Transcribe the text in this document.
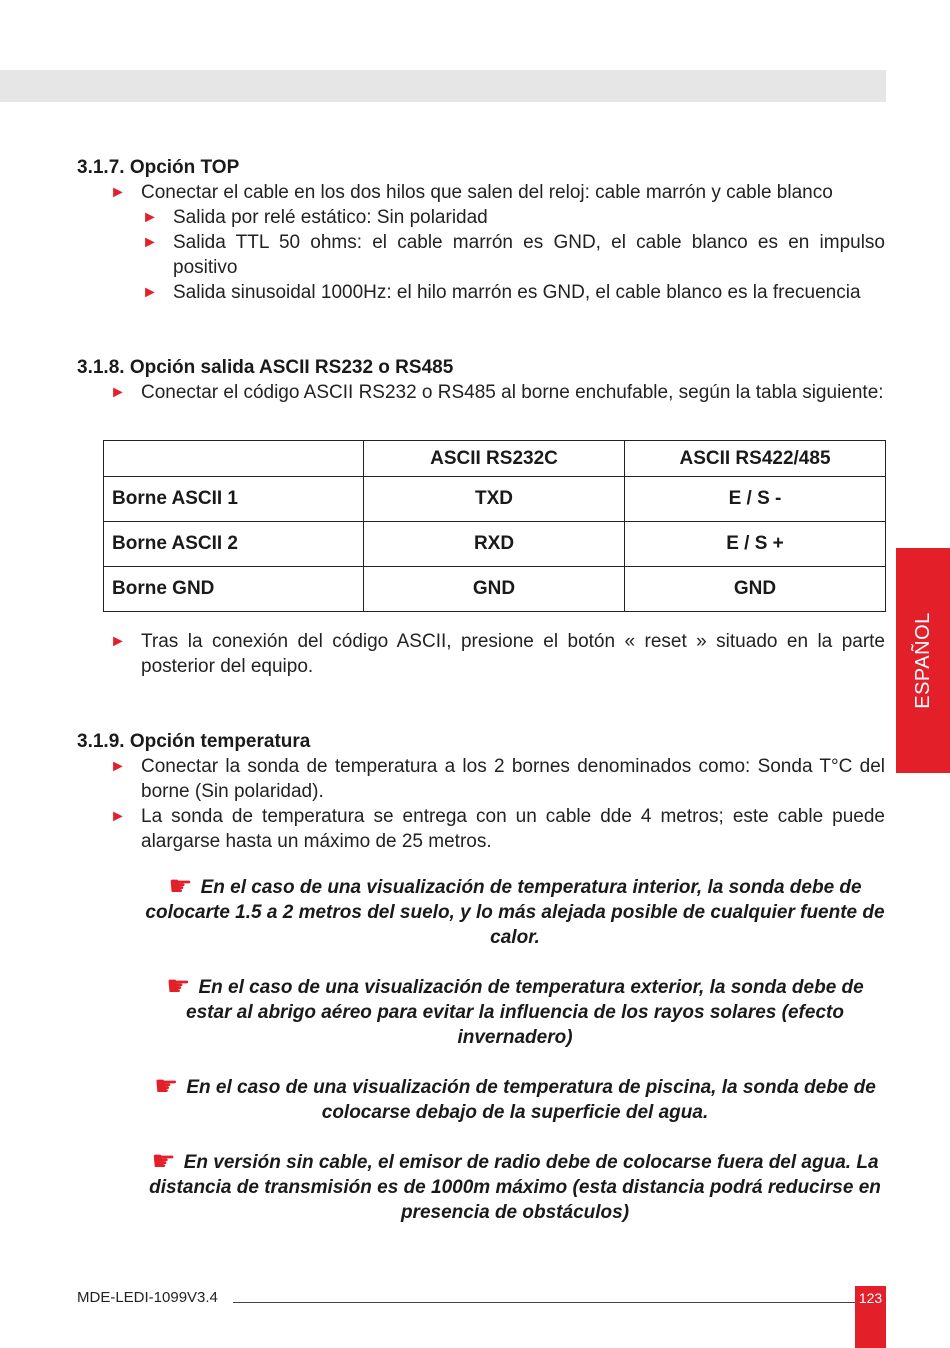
ESPAÑOL
3.1.7. Opción TOP
► Conectar el cable en los dos hilos que salen del reloj: cable marrón y cable blanco
► Salida por relé estático: Sin polaridad
► Salida TTL 50 ohms: el cable marrón es GND, el cable blanco es en impulso positivo
► Salida sinusoidal 1000Hz: el hilo marrón es GND, el cable blanco es la frecuencia
3.1.8. Opción salida ASCII RS232 o RS485
► Conectar el código ASCII RS232 o RS485 al borne enchufable, según la tabla siguiente:
	ASCII RS232C	ASCII RS422/485
Borne ASCII 1	TXD	E / S -
Borne ASCII 2	RXD	E / S +
Borne GND	GND	GND
► Tras la conexión del código ASCII, presione el botón « reset » situado en la parte posterior del equipo.
3.1.9. Opción temperatura
► Conectar la sonda de temperatura a los 2 bornes denominados como: Sonda T°C del borne (Sin polaridad).
► La sonda de temperatura se entrega con un cable dde 4 metros; este cable puede alargarse hasta un máximo de 25 metros.
☛ En el caso de una visualización de temperatura interior, la sonda debe de colocarte 1.5 a 2 metros del suelo, y lo más alejada posible de cualquier fuente de calor.
☛ En el caso de una visualización de temperatura exterior, la sonda debe de estar al abrigo aéreo para evitar la influencia de los rayos solares (efecto invernadero)
☛ En el caso de una visualización de temperatura de piscina, la sonda debe de colocarse debajo de la superficie del agua.
☛ En versión sin cable, el emisor de radio debe de colocarse fuera del agua. La distancia de transmisión es de 1000m máximo (esta distancia podrá reducirse en presencia de obstáculos)
MDE-LEDI-1099V3.4	123
